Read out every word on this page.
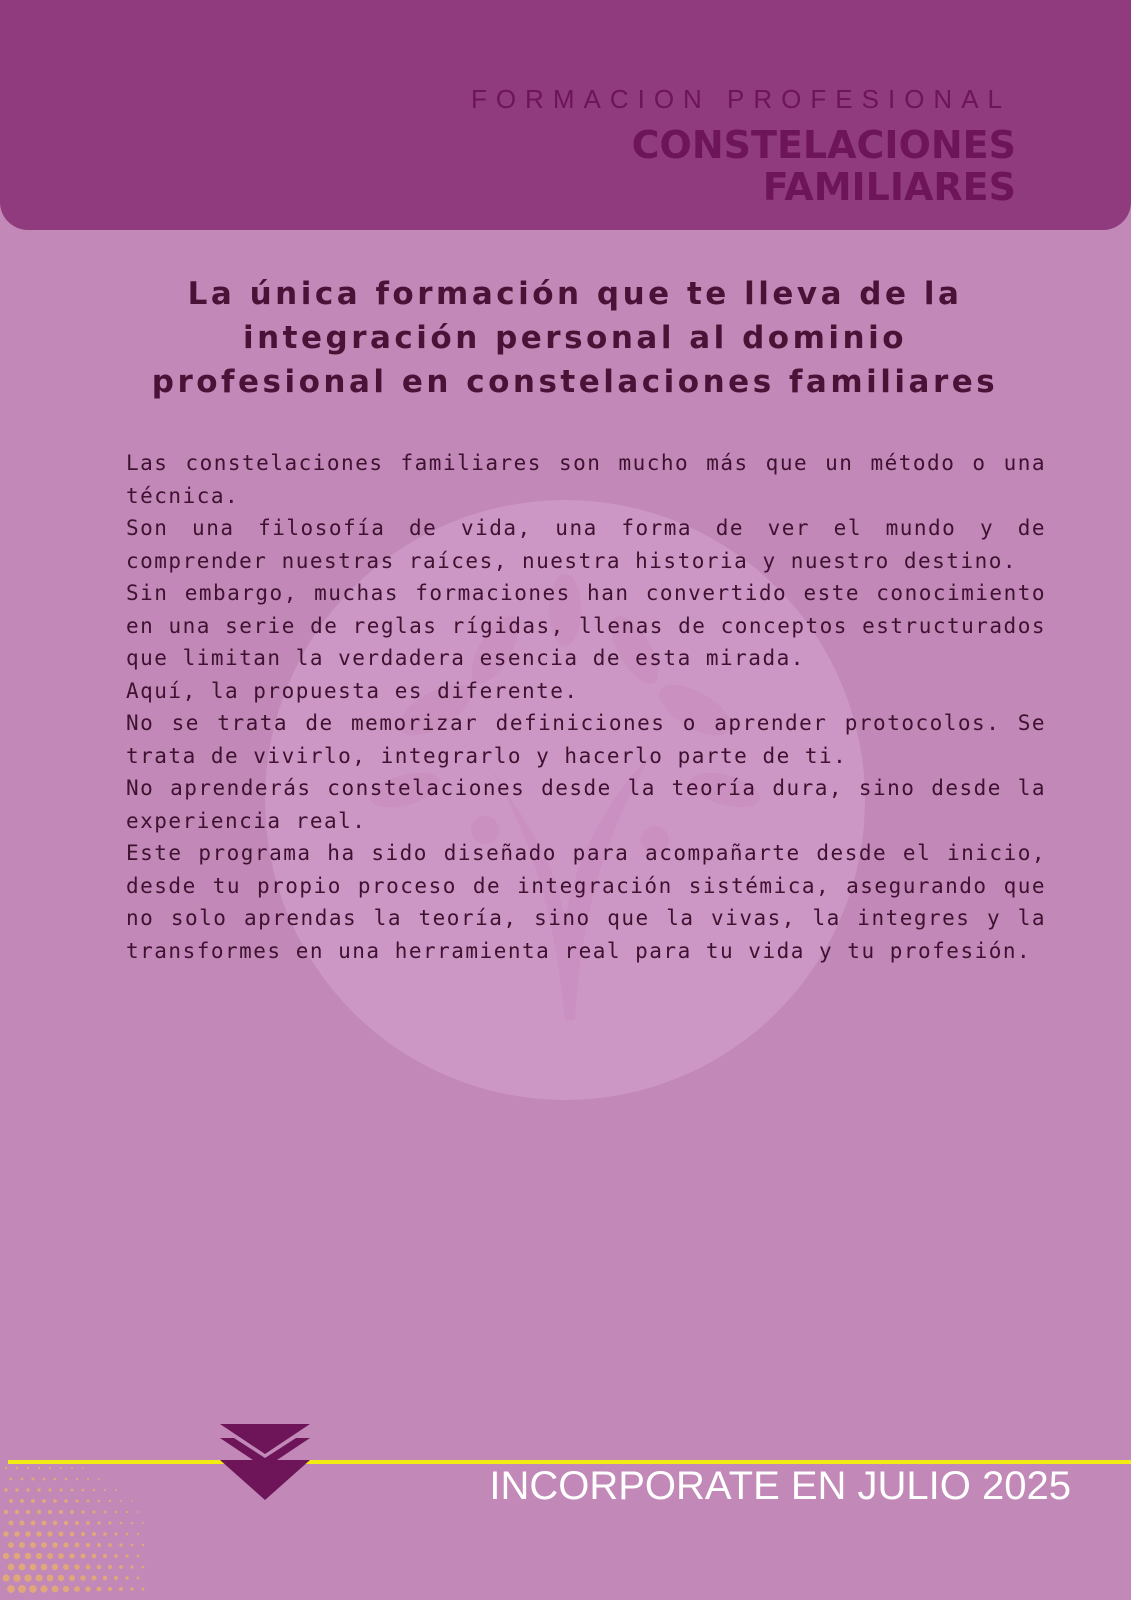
FORMACION PROFESIONAL
CONSTELACIONES
FAMILIARES
La única formación que te lleva de la integración personal al dominio profesional en constelaciones familiares

Las constelaciones familiares son mucho más que un método o una técnica.

Son una filosofía de vida, una forma de ver el mundo y de comprender nuestras raíces, nuestra historia y nuestro destino.

Sin embargo, muchas formaciones han convertido este conocimiento en una serie de reglas rígidas, llenas de conceptos estructurados que limitan la verdadera esencia de esta mirada.

Aquí, la propuesta es diferente.

No se trata de memorizar definiciones o aprender protocolos. Se trata de vivirlo, integrarlo y hacerlo parte de ti.

No aprenderás constelaciones desde la teoría dura, sino desde la experiencia real.

Este programa ha sido diseñado para acompañarte desde el inicio, desde tu propio proceso de integración sistémica, asegurando que no solo aprendas la teoría, sino que la vivas, la integres y la transformes en una herramienta real para tu vida y tu profesión.

INCORPORATE EN JULIO 2025
